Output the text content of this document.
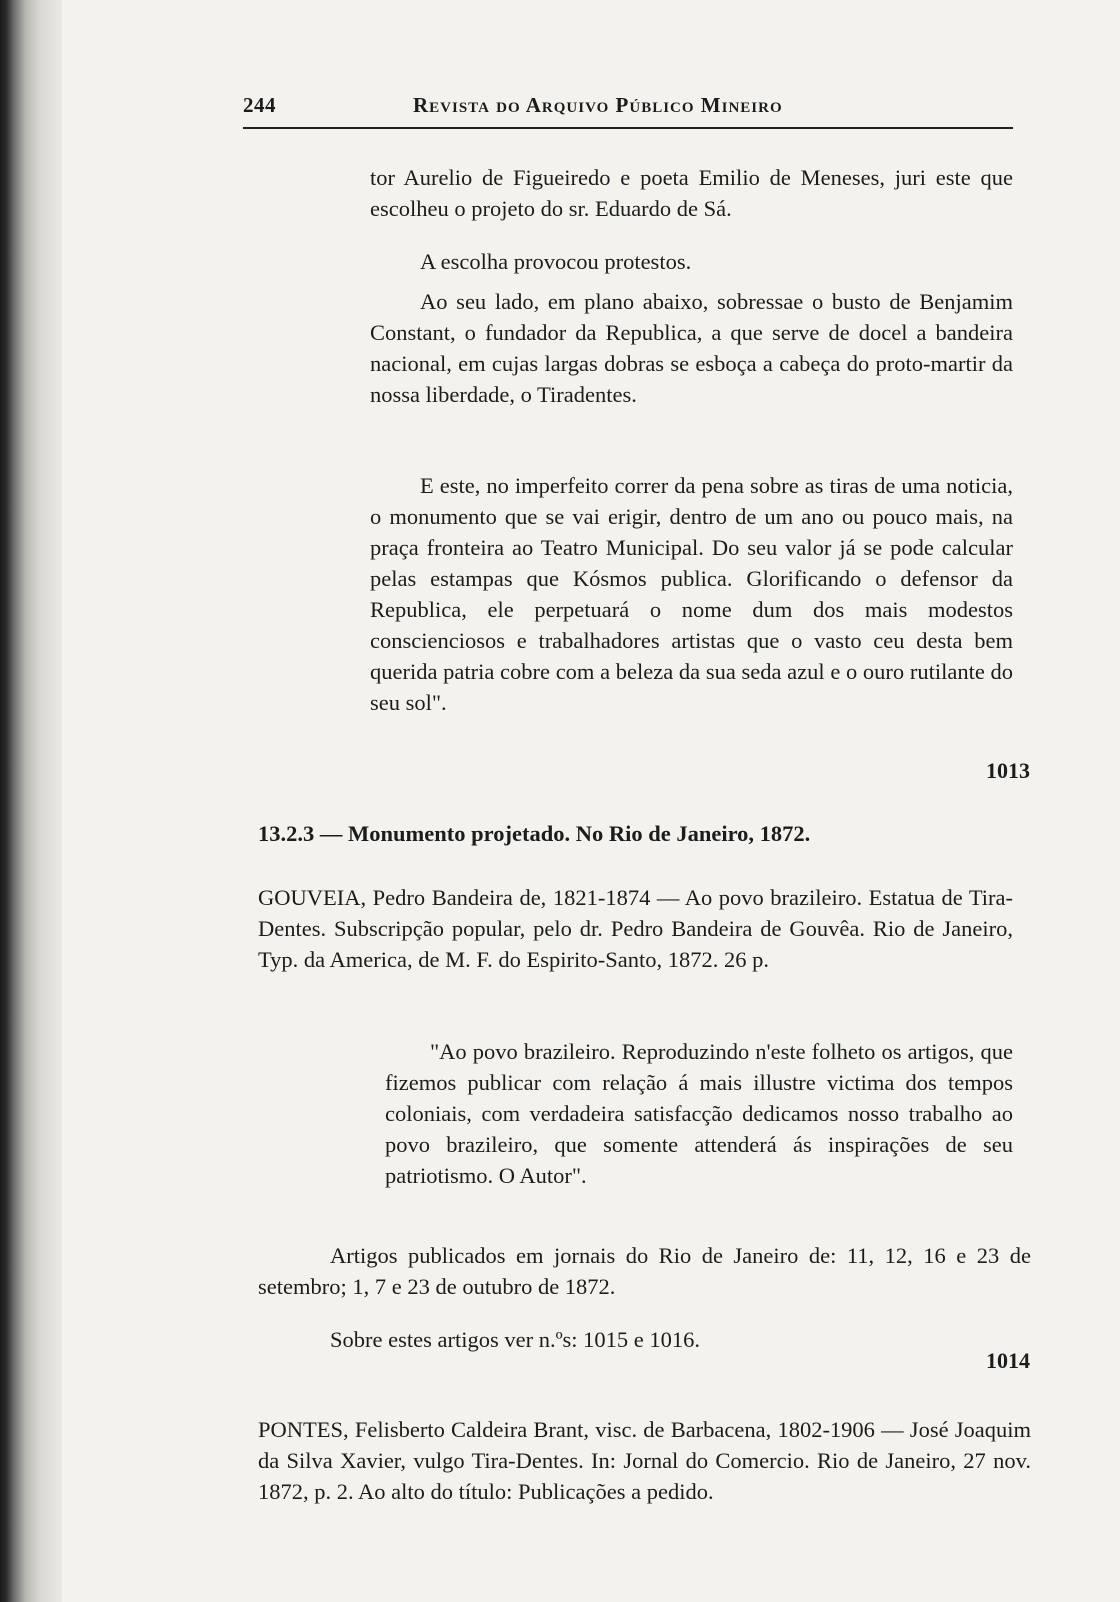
244	Revista do Arquivo Público Mineiro

tor Aurelio de Figueiredo e poeta Emilio de Meneses, juri este que escolheu o projeto do sr. Eduardo de Sá.

A escolha provocou protestos.

Ao seu lado, em plano abaixo, sobressae o busto de Benjamim Constant, o fundador da Republica, a que serve de docel a bandeira nacional, em cujas largas dobras se esboça a cabeça do proto-martir da nossa liberdade, o Tiradentes.

E este, no imperfeito correr da pena sobre as tiras de uma noticia, o monumento que se vai erigir, dentro de um ano ou pouco mais, na praça fronteira ao Teatro Municipal. Do seu valor já se pode calcular pelas estampas que Kósmos publica. Glorificando o defensor da Republica, ele perpetuará o nome dum dos mais modestos conscienciosos e trabalhadores artistas que o vasto ceu desta bem querida patria cobre com a beleza da sua seda azul e o ouro rutilante do seu sol".

1013

13.2.3 — Monumento projetado. No Rio de Janeiro, 1872.

GOUVEIA, Pedro Bandeira de, 1821-1874 — Ao povo brazileiro. Estatua de Tira-Dentes. Subscripção popular, pelo dr. Pedro Bandeira de Gouvêa. Rio de Janeiro, Typ. da America, de M. F. do Espirito-Santo, 1872. 26 p.

"Ao povo brazileiro. Reproduzindo n'este folheto os artigos, que fizemos publicar com relação á mais illustre victima dos tempos coloniais, com verdadeira satisfacção dedicamos nosso trabalho ao povo brazileiro, que somente attenderá ás inspirações de seu patriotismo. O Autor".

Artigos publicados em jornais do Rio de Janeiro de: 11, 12, 16 e 23 de setembro; 1, 7 e 23 de outubro de 1872.

Sobre estes artigos ver n.ºs: 1015 e 1016.

1014

PONTES, Felisberto Caldeira Brant, visc. de Barbacena, 1802-1906 — José Joaquim da Silva Xavier, vulgo Tira-Dentes. In: Jornal do Comercio. Rio de Janeiro, 27 nov. 1872, p. 2. Ao alto do título: Publicações a pedido.
